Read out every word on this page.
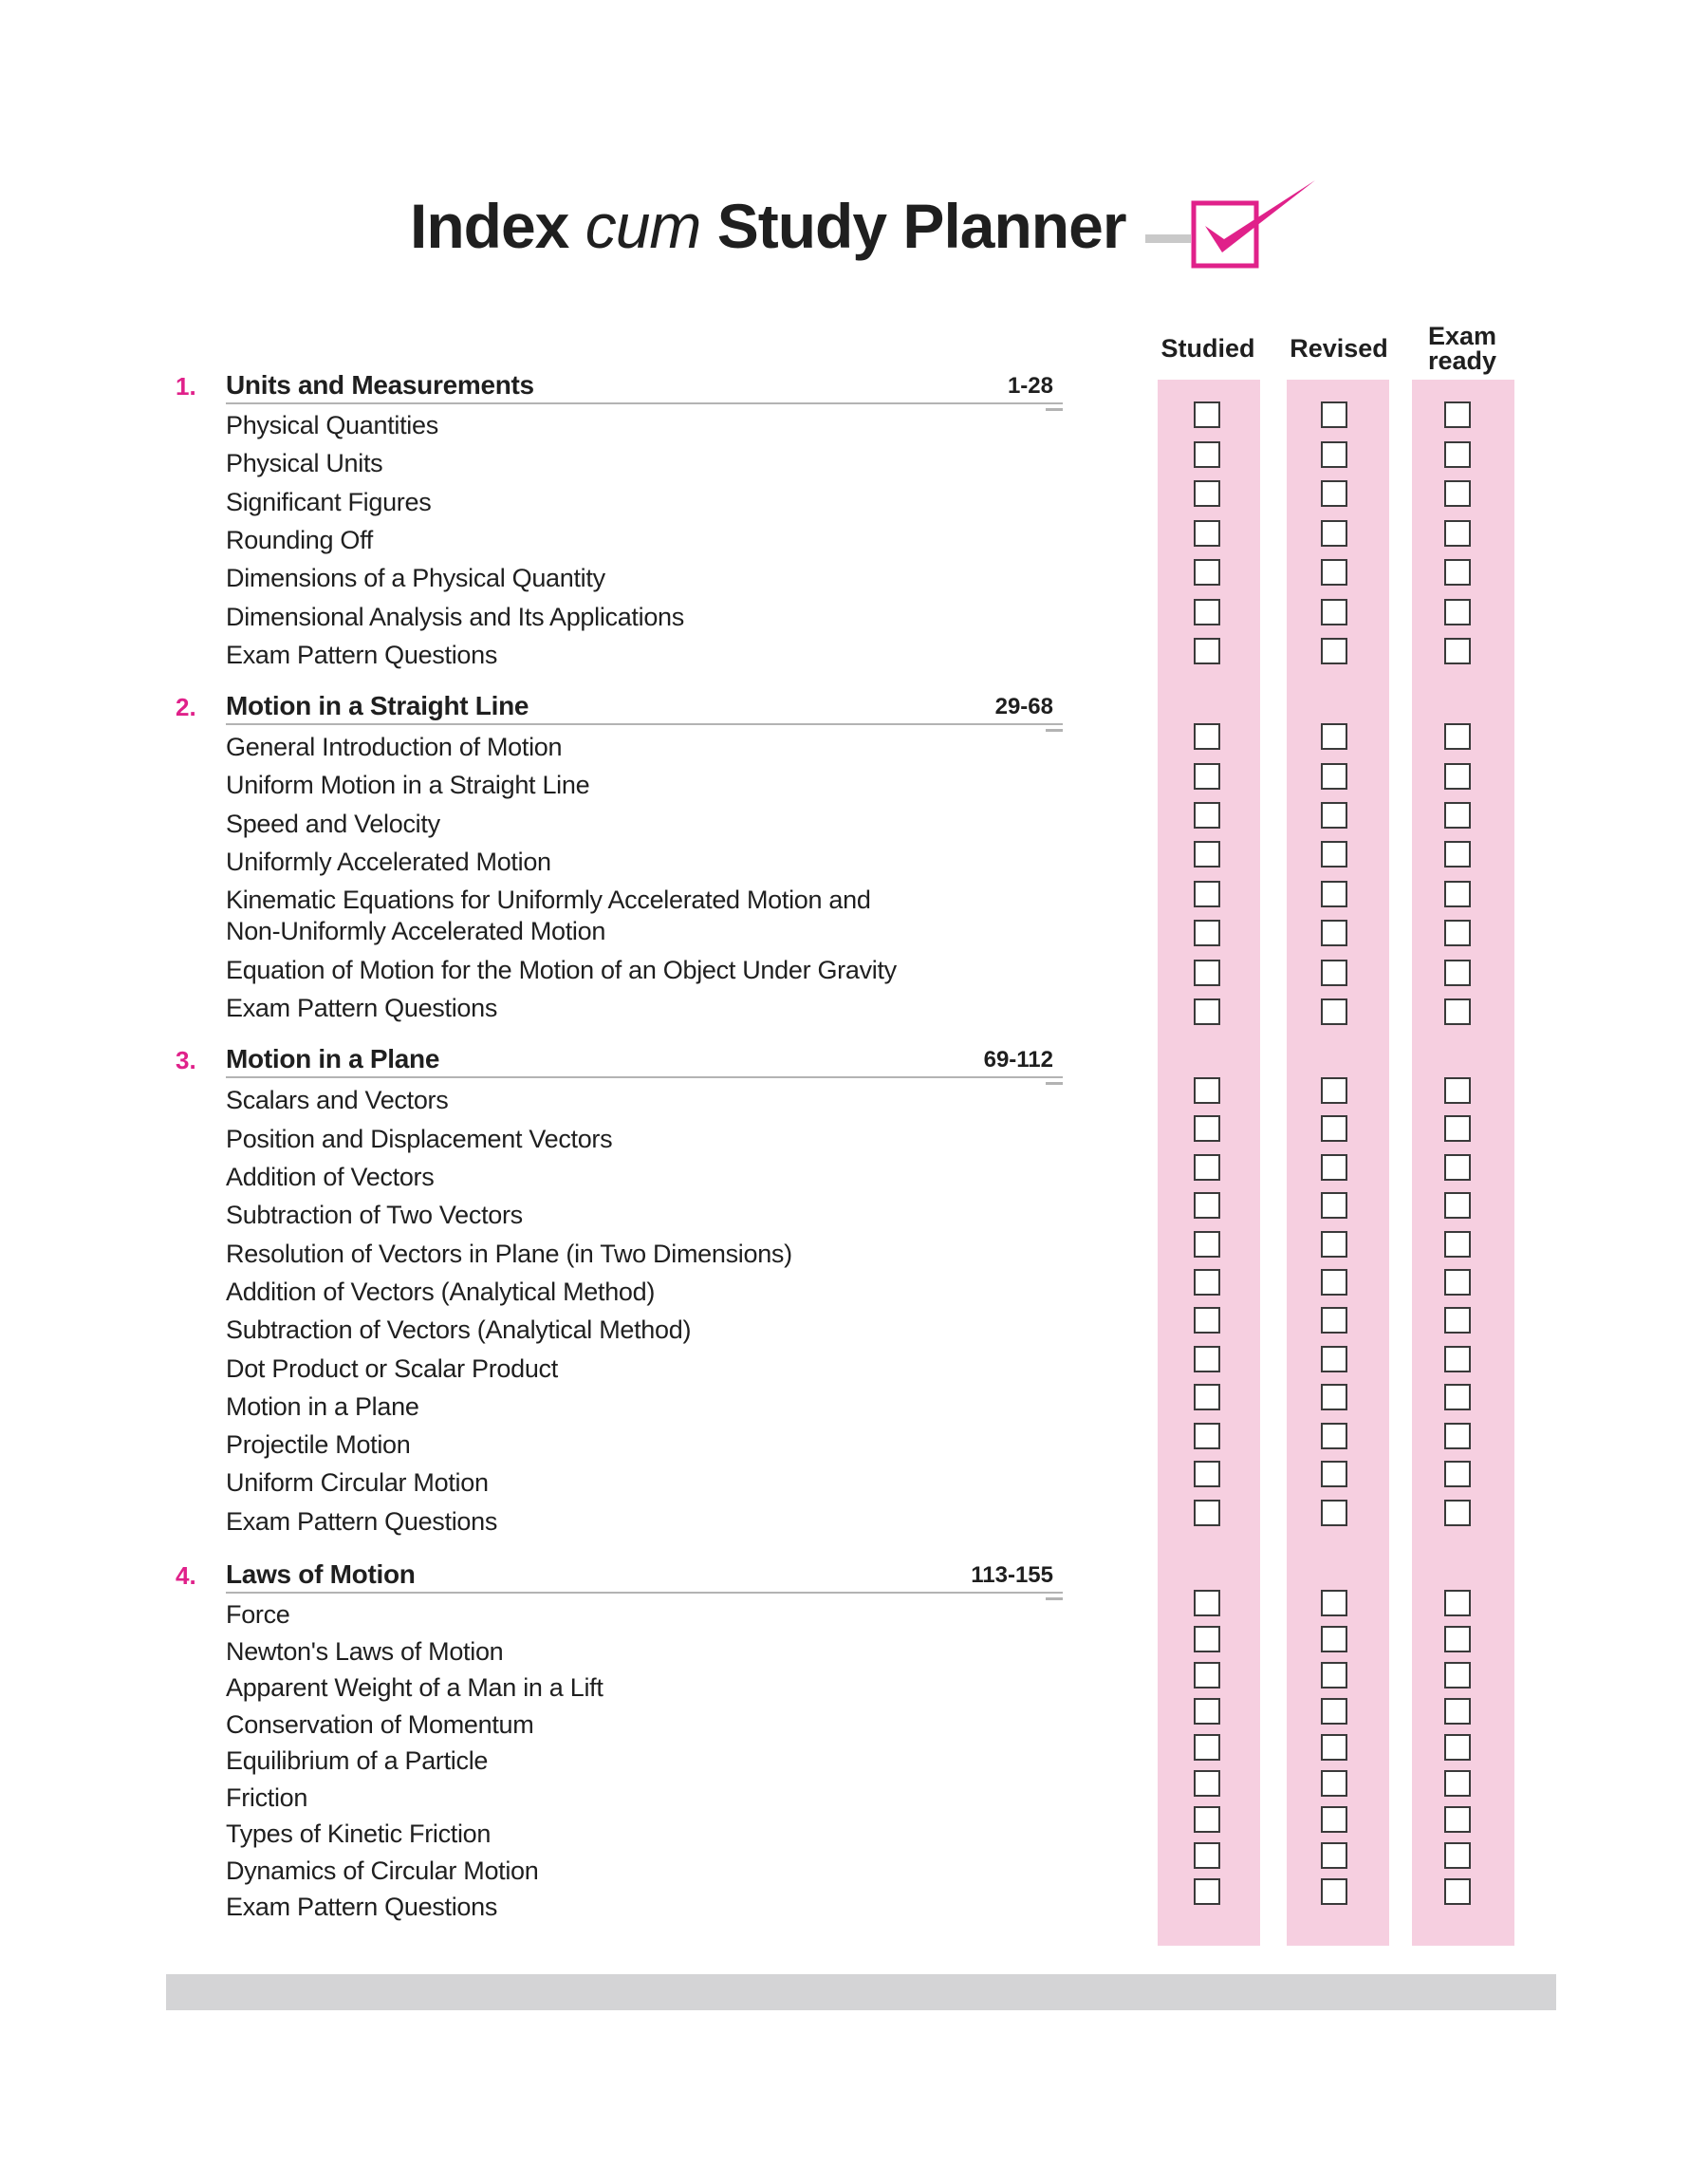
Index cum Study Planner
Studied Revised	Exam
ready
1. Units and Measurements	1-28
Physical Quantities
Physical Units
Significant Figures
Rounding Off
Dimensions of a Physical Quantity
Dimensional Analysis and Its Applications
Exam Pattern Questions
2. Motion in a Straight Line	29-68
General Introduction of Motion
Uniform Motion in a Straight Line
Speed and Velocity
Uniformly Accelerated Motion
Kinematic Equations for Uniformly Accelerated Motion and
Non-Uniformly Accelerated Motion
Equation of Motion for the Motion of an Object Under Gravity
Exam Pattern Questions
3. Motion in a Plane	69-112
Scalars and Vectors
Position and Displacement Vectors
Addition of Vectors
Subtraction of Two Vectors
Resolution of Vectors in Plane (in Two Dimensions)
Addition of Vectors (Analytical Method)
Subtraction of Vectors (Analytical Method)
Dot Product or Scalar Product
Motion in a Plane
Projectile Motion
Uniform Circular Motion
Exam Pattern Questions
4. Laws of Motion	113-155
Force
Newton's Laws of Motion
Apparent Weight of a Man in a Lift
Conservation of Momentum
Equilibrium of a Particle
Friction
Types of Kinetic Friction
Dynamics of Circular Motion
Exam Pattern Questions
